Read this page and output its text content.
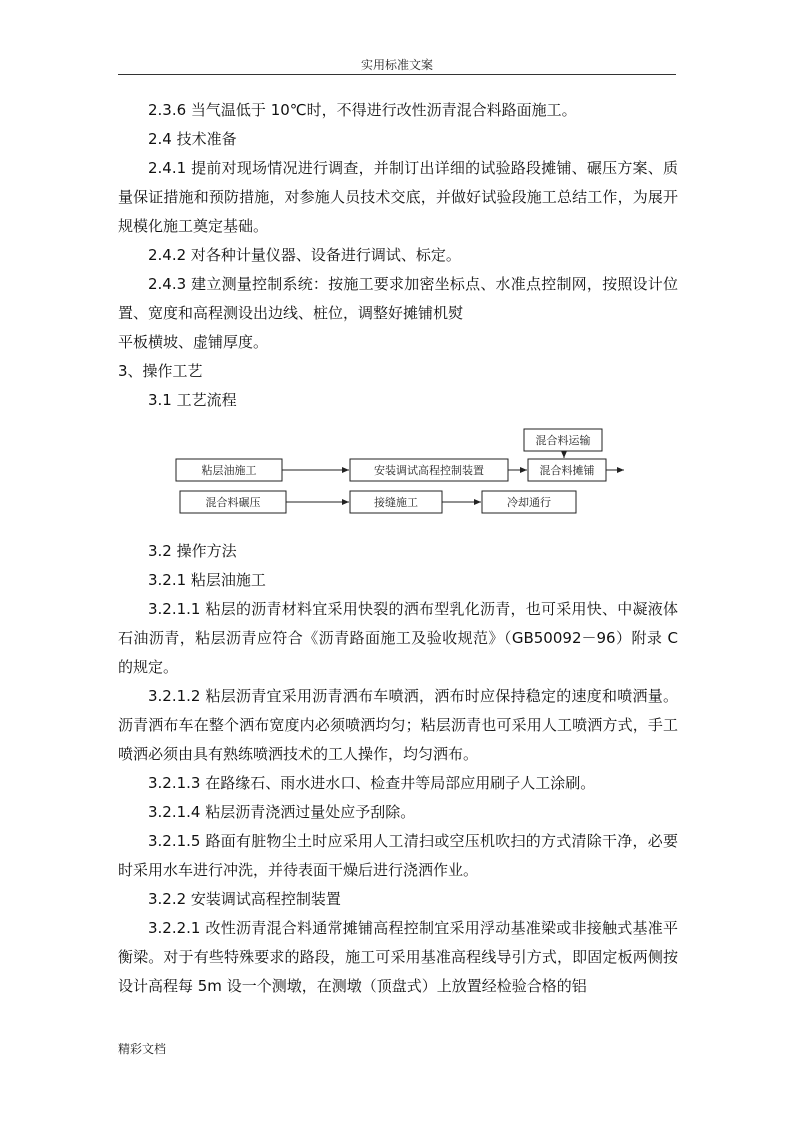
实用标准文案

2.3.6 当气温低于 10℃时，不得进行改性沥青混合料路面施工。

2.4 技术准备

2.4.1 提前对现场情况进行调查，并制订出详细的试验路段摊铺、碾压方案、质量保证措施和预防措施，对参施人员技术交底，并做好试验段施工总结工作，为展开规模化施工奠定基础。

2.4.2 对各种计量仪器、设备进行调试、标定。

2.4.3 建立测量控制系统：按施工要求加密坐标点、水准点控制网，按照设计位置、宽度和高程测设出边线、桩位，调整好摊铺机熨

平板横坡、虚铺厚度。

3、操作工艺

3.1 工艺流程

粘层油施工	安装调试高程控制装置
混合料运输
混合料摊铺
混合料碾压	接缝施工	冷却通行

3.2 操作方法

3.2.1 粘层油施工

3.2.1.1 粘层的沥青材料宜采用快裂的洒布型乳化沥青，也可采用快、中凝液体石油沥青，粘层沥青应符合《沥青路面施工及验收规范》（GB50092－96）附录 C 的规定。

3.2.1.2 粘层沥青宜采用沥青洒布车喷洒，洒布时应保持稳定的速度和喷洒量。沥青洒布车在整个洒布宽度内必须喷洒均匀；粘层沥青也可采用人工喷洒方式，手工喷洒必须由具有熟练喷洒技术的工人操作，均匀洒布。

3.2.1.3 在路缘石、雨水进水口、检查井等局部应用刷子人工涂刷。

3.2.1.4 粘层沥青浇洒过量处应予刮除。

3.2.1.5 路面有脏物尘土时应采用人工清扫或空压机吹扫的方式清除干净，必要时采用水车进行冲洗，并待表面干燥后进行浇洒作业。

3.2.2 安装调试高程控制装置

3.2.2.1 改性沥青混合料通常摊铺高程控制宜采用浮动基准梁或非接触式基准平衡梁。对于有些特殊要求的路段，施工可采用基准高程线导引方式，即固定板两侧按设计高程每 5m 设一个测墩，在测墩（顶盘式）上放置经检验合格的铝

精彩文档
